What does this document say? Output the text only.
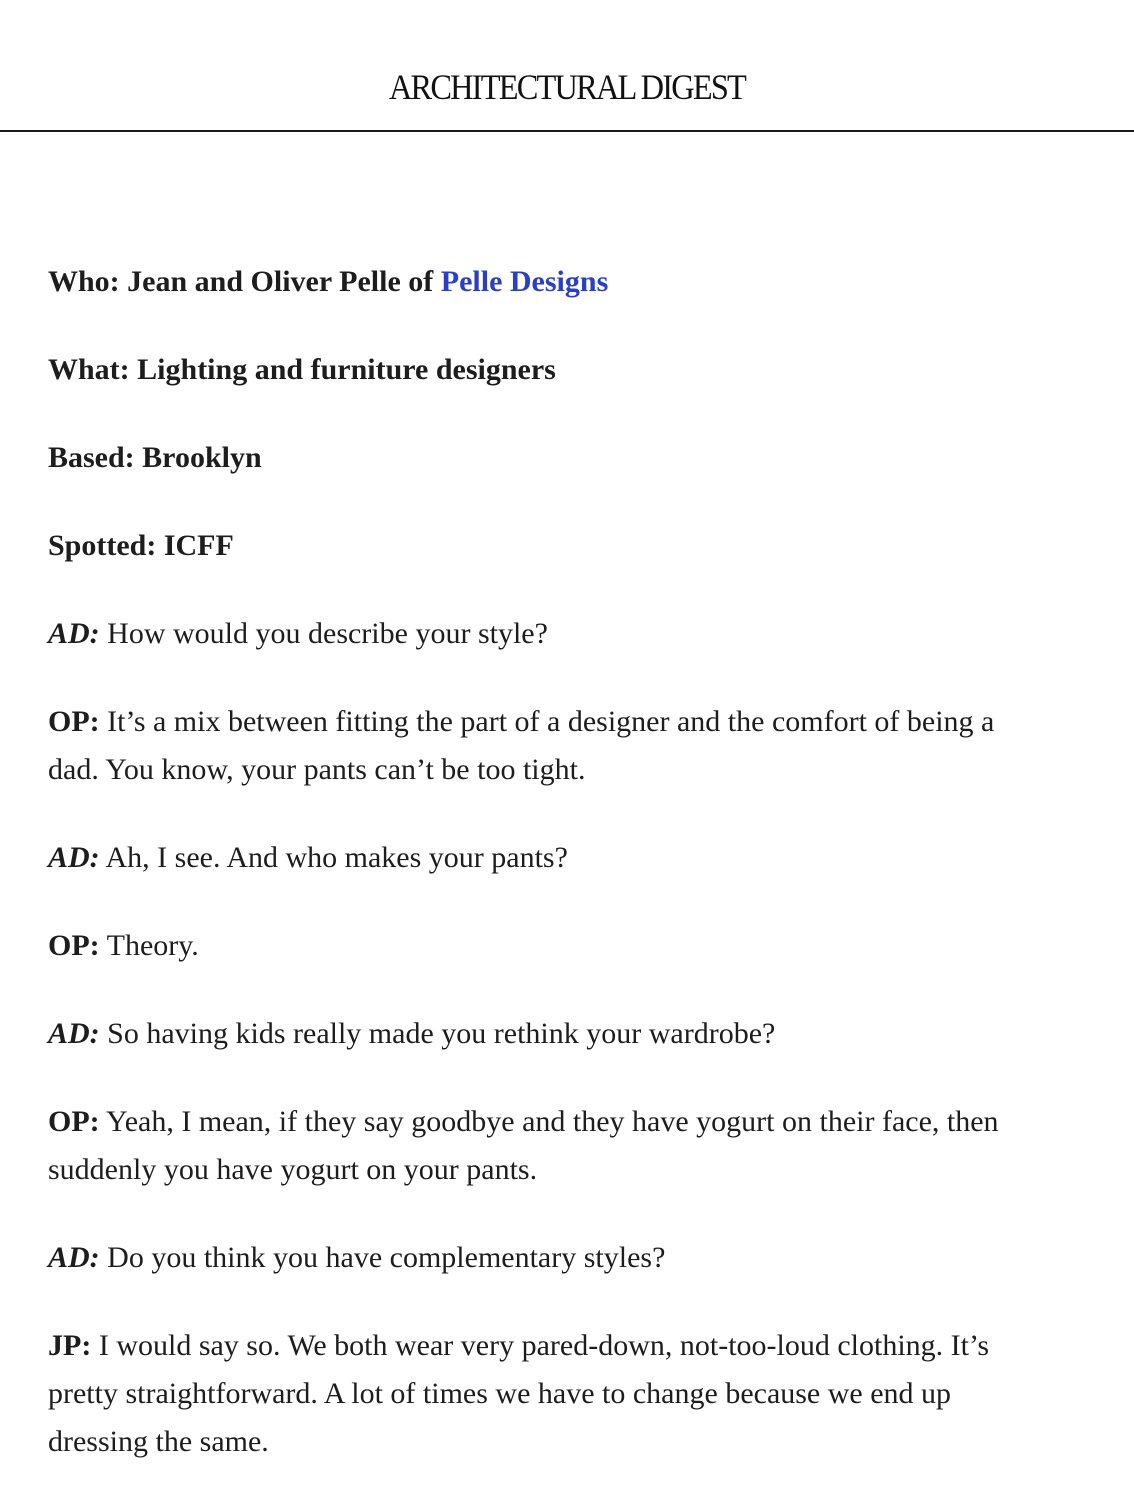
ARCHITECTURAL DIGEST

Who: Jean and Oliver Pelle of Pelle Designs

What: Lighting and furniture designers

Based: Brooklyn

Spotted: ICFF

AD: How would you describe your style?

OP: It’s a mix between fitting the part of a designer and the comfort of being a dad. You know, your pants can’t be too tight.

AD: Ah, I see. And who makes your pants?

OP: Theory.

AD: So having kids really made you rethink your wardrobe?

OP: Yeah, I mean, if they say goodbye and they have yogurt on their face, then suddenly you have yogurt on your pants.

AD: Do you think you have complementary styles?

JP: I would say so. We both wear very pared-down, not-too-loud clothing. It’s pretty straightforward. A lot of times we have to change because we end up dressing the same.
